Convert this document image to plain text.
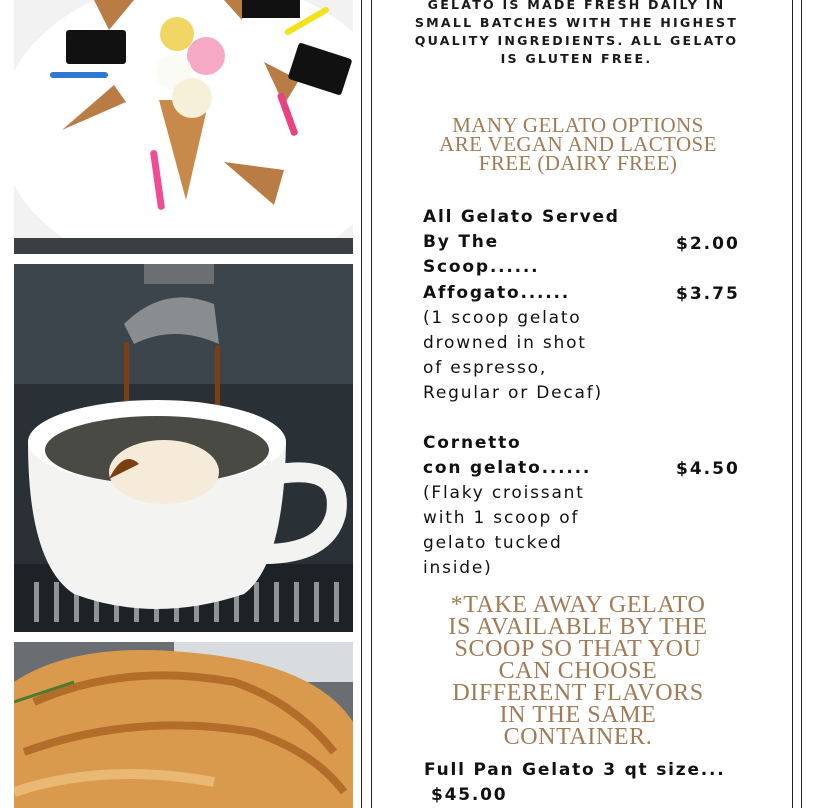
GELATO IS MADE FRESH DAILY IN
SMALL BATCHES WITH THE HIGHEST
QUALITY INGREDIENTS. ALL GELATO
IS GLUTEN FREE.
MANY GELATO OPTIONS
ARE VEGAN AND LACTOSE
FREE (DAIRY FREE)
All Gelato Served
By The Scoop......
$2.00
Affogato......
(1 scoop gelato
drowned in shot
of espresso,
Regular or Decaf)
$3.75
Cornetto
con gelato......
(Flaky croissant
with 1 scoop of
gelato tucked
inside)
$4.50
*TAKE AWAY GELATO
IS AVAILABLE BY THE
SCOOP SO THAT YOU
CAN CHOOSE
DIFFERENT FLAVORS
IN THE SAME
CONTAINER.
Full Pan Gelato 3 qt size...
$45.00
